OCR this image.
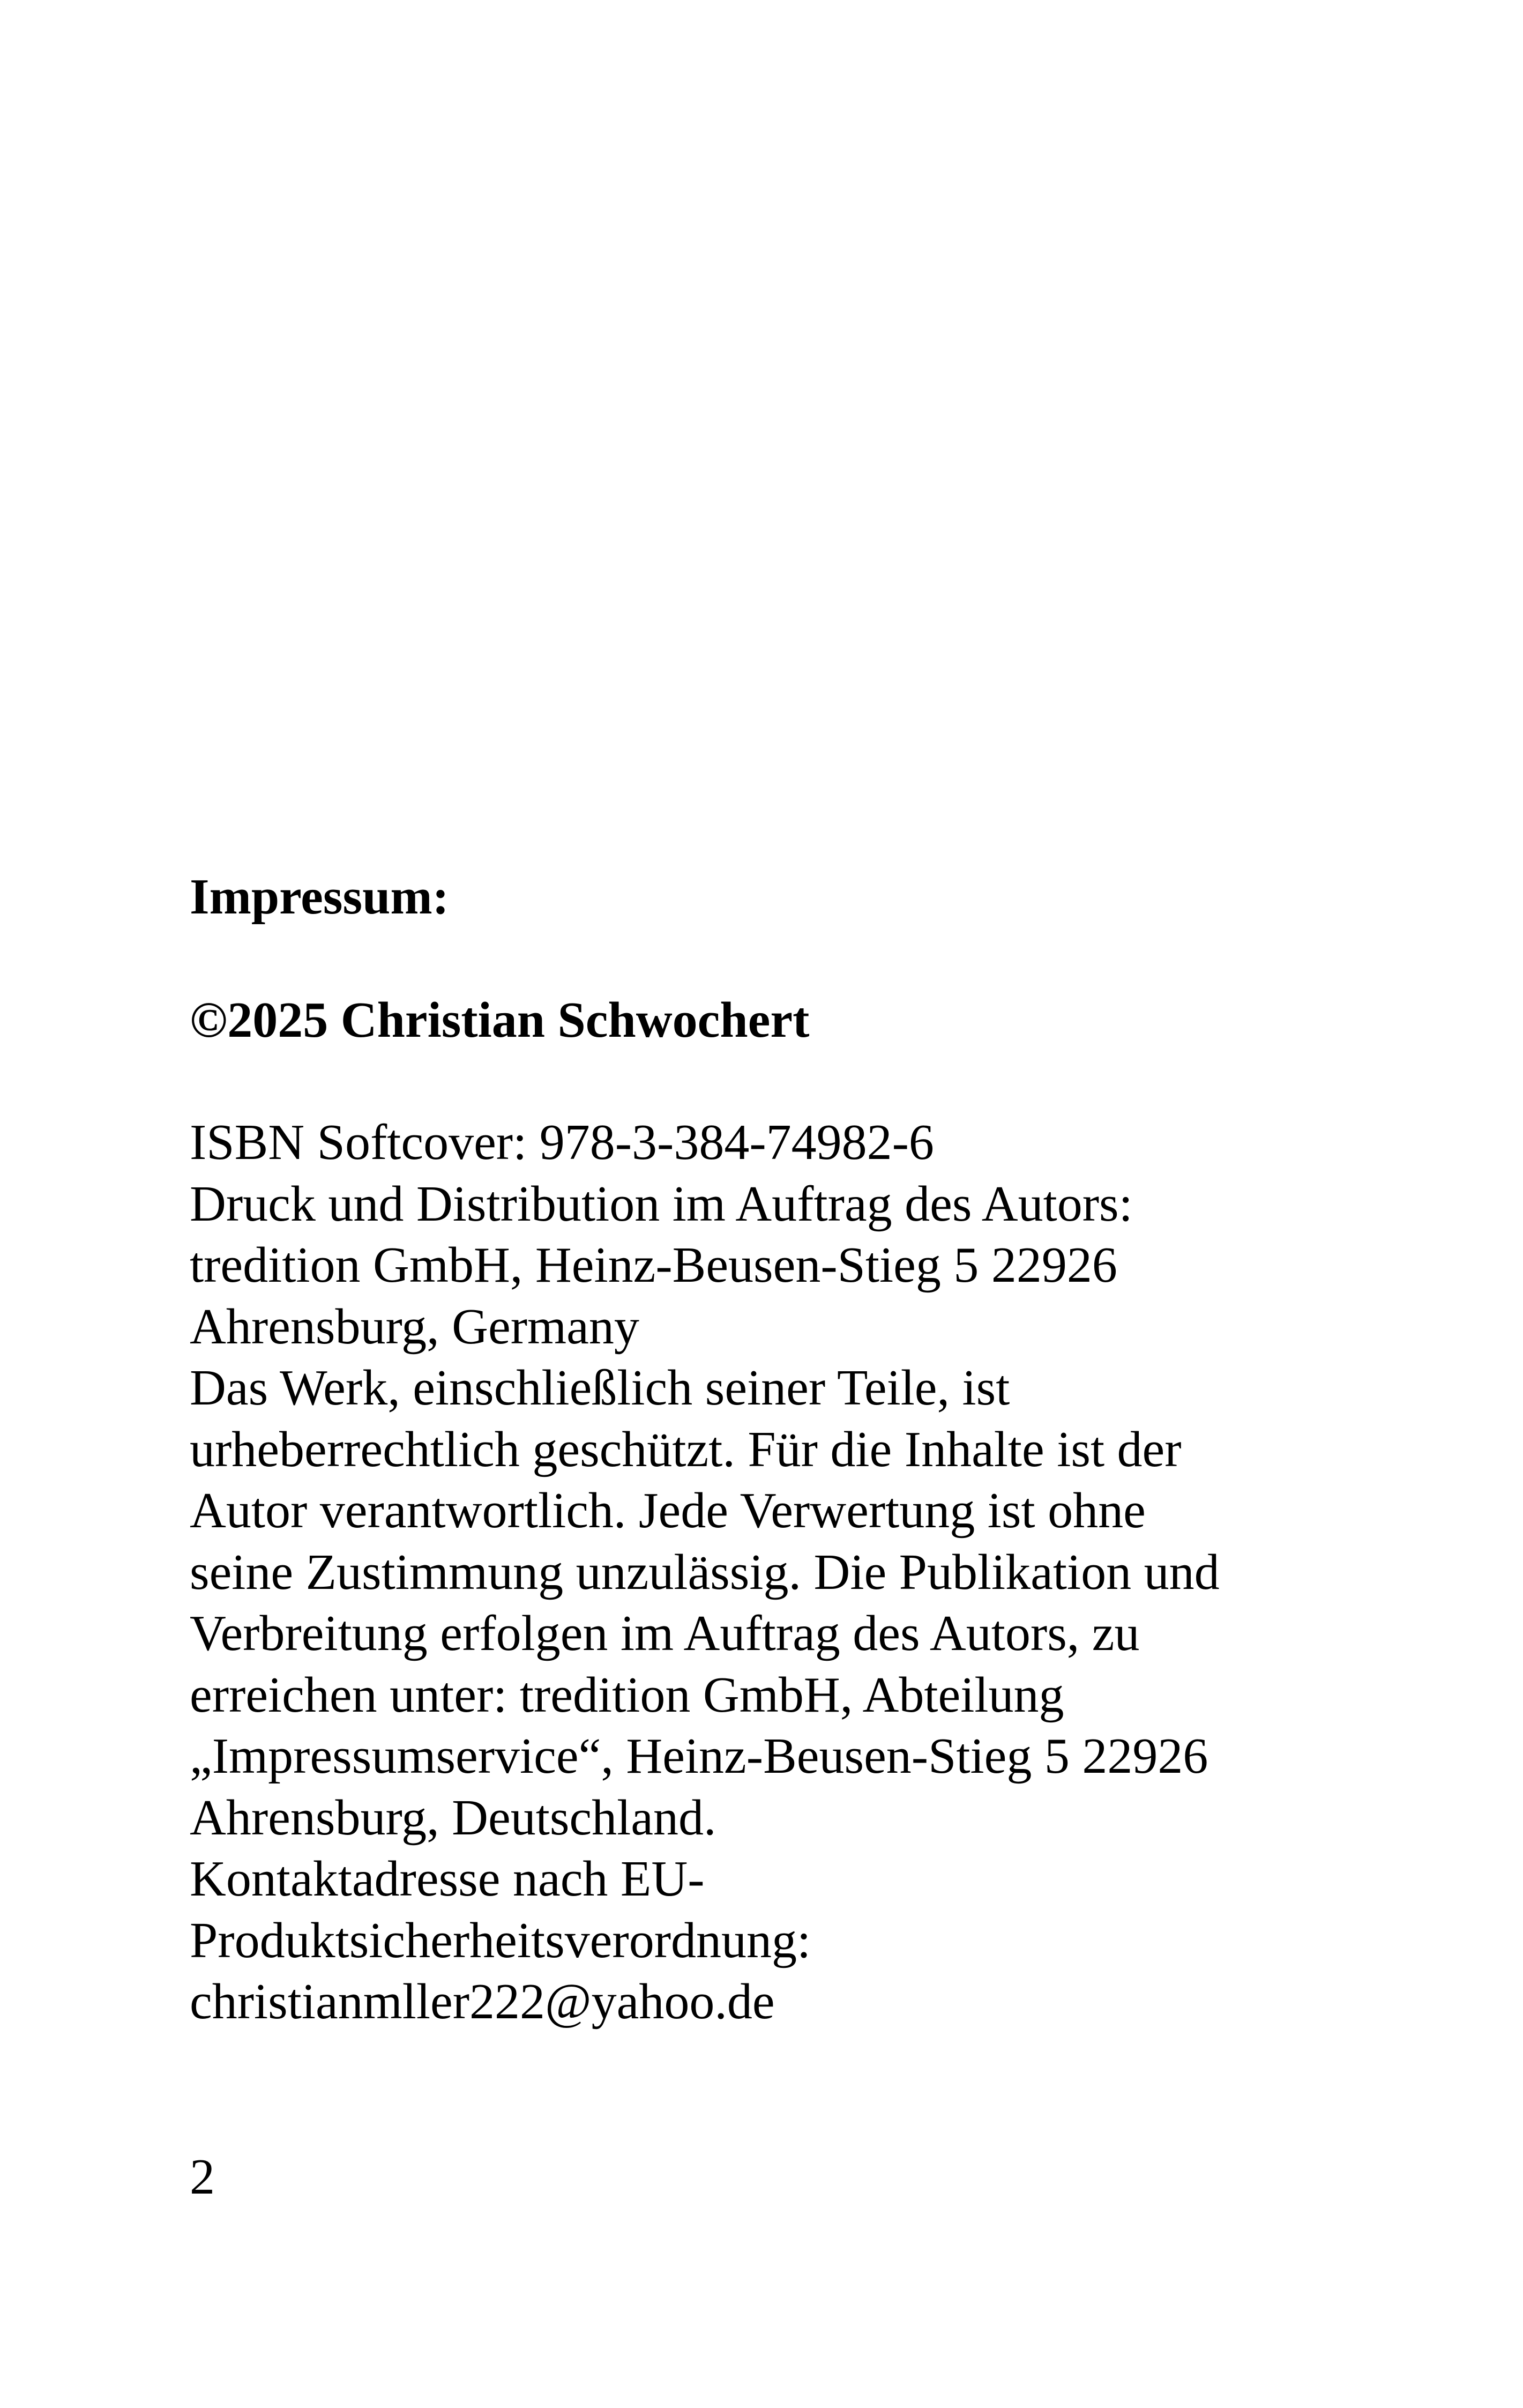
Impressum:
©2025 Christian Schwochert
ISBN Softcover: 978-3-384-74982-6
Druck und Distribution im Auftrag des Autors:
tredition GmbH, Heinz-Beusen-Stieg 5 22926
Ahrensburg, Germany
Das Werk, einschließlich seiner Teile, ist
urheberrechtlich geschützt. Für die Inhalte ist der
Autor verantwortlich. Jede Verwertung ist ohne
seine Zustimmung unzulässig. Die Publikation und
Verbreitung erfolgen im Auftrag des Autors, zu
erreichen unter: tredition GmbH, Abteilung
„Impressumservice“, Heinz-Beusen-Stieg 5 22926
Ahrensburg, Deutschland.
Kontaktadresse nach EU-
Produktsicherheitsverordnung:
christianmller222@yahoo.de

2
